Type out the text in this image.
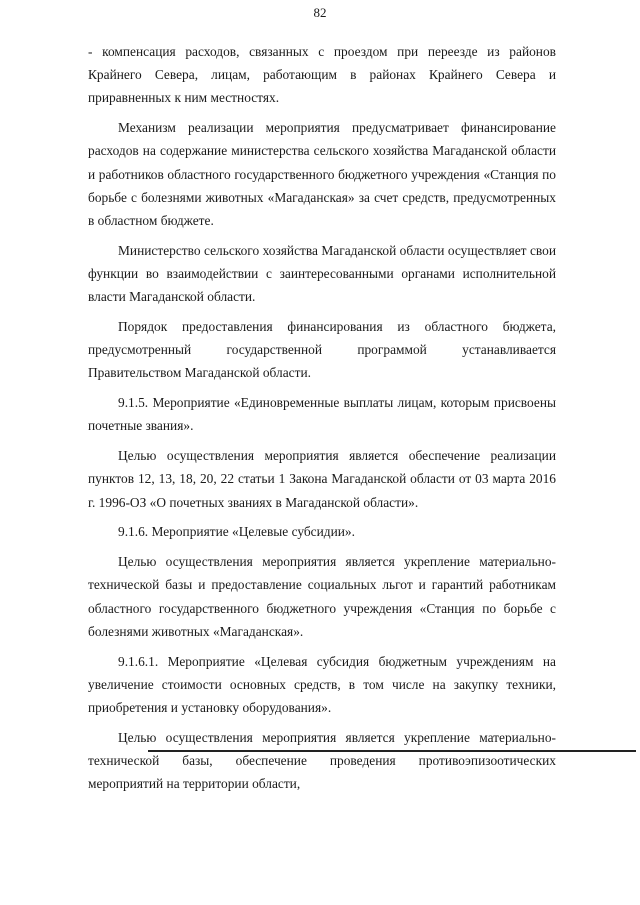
82

- компенсация расходов, связанных с проездом при переезде из районов Крайнего Севера, лицам, работающим в районах Крайнего Севера и приравненных к ним местностях.

Механизм реализации мероприятия предусматривает финансирование расходов на содержание министерства сельского хозяйства Магаданской области и работников областного государственного бюджетного учреждения «Станция по борьбе с болезнями животных «Магаданская» за счет средств, предусмотренных в областном бюджете.

Министерство сельского хозяйства Магаданской области осуществляет свои функции во взаимодействии с заинтересованными органами исполнительной власти Магаданской области.

Порядок предоставления финансирования из областного бюджета, предусмотренный государственной программой устанавливается Правительством Магаданской области.

9.1.5. Мероприятие «Единовременные выплаты лицам, которым присвоены почетные звания».

Целью осуществления мероприятия является обеспечение реализации пунктов 12, 13, 18, 20, 22 статьи 1 Закона Магаданской области от 03 марта 2016 г. 1996-ОЗ «О почетных званиях в Магаданской области».

9.1.6. Мероприятие «Целевые субсидии».

Целью осуществления мероприятия является укрепление материально-технической базы и предоставление социальных льгот и гарантий работникам областного государственного бюджетного учреждения «Станция по борьбе с болезнями животных «Магаданская».

9.1.6.1. Мероприятие «Целевая субсидия бюджетным учреждениям на увеличение стоимости основных средств, в том числе на закупку техники, приобретения и установку оборудования».

Целью осуществления мероприятия является укрепление материально-технической базы, обеспечение проведения противоэпизоотических мероприятий на территории области,
